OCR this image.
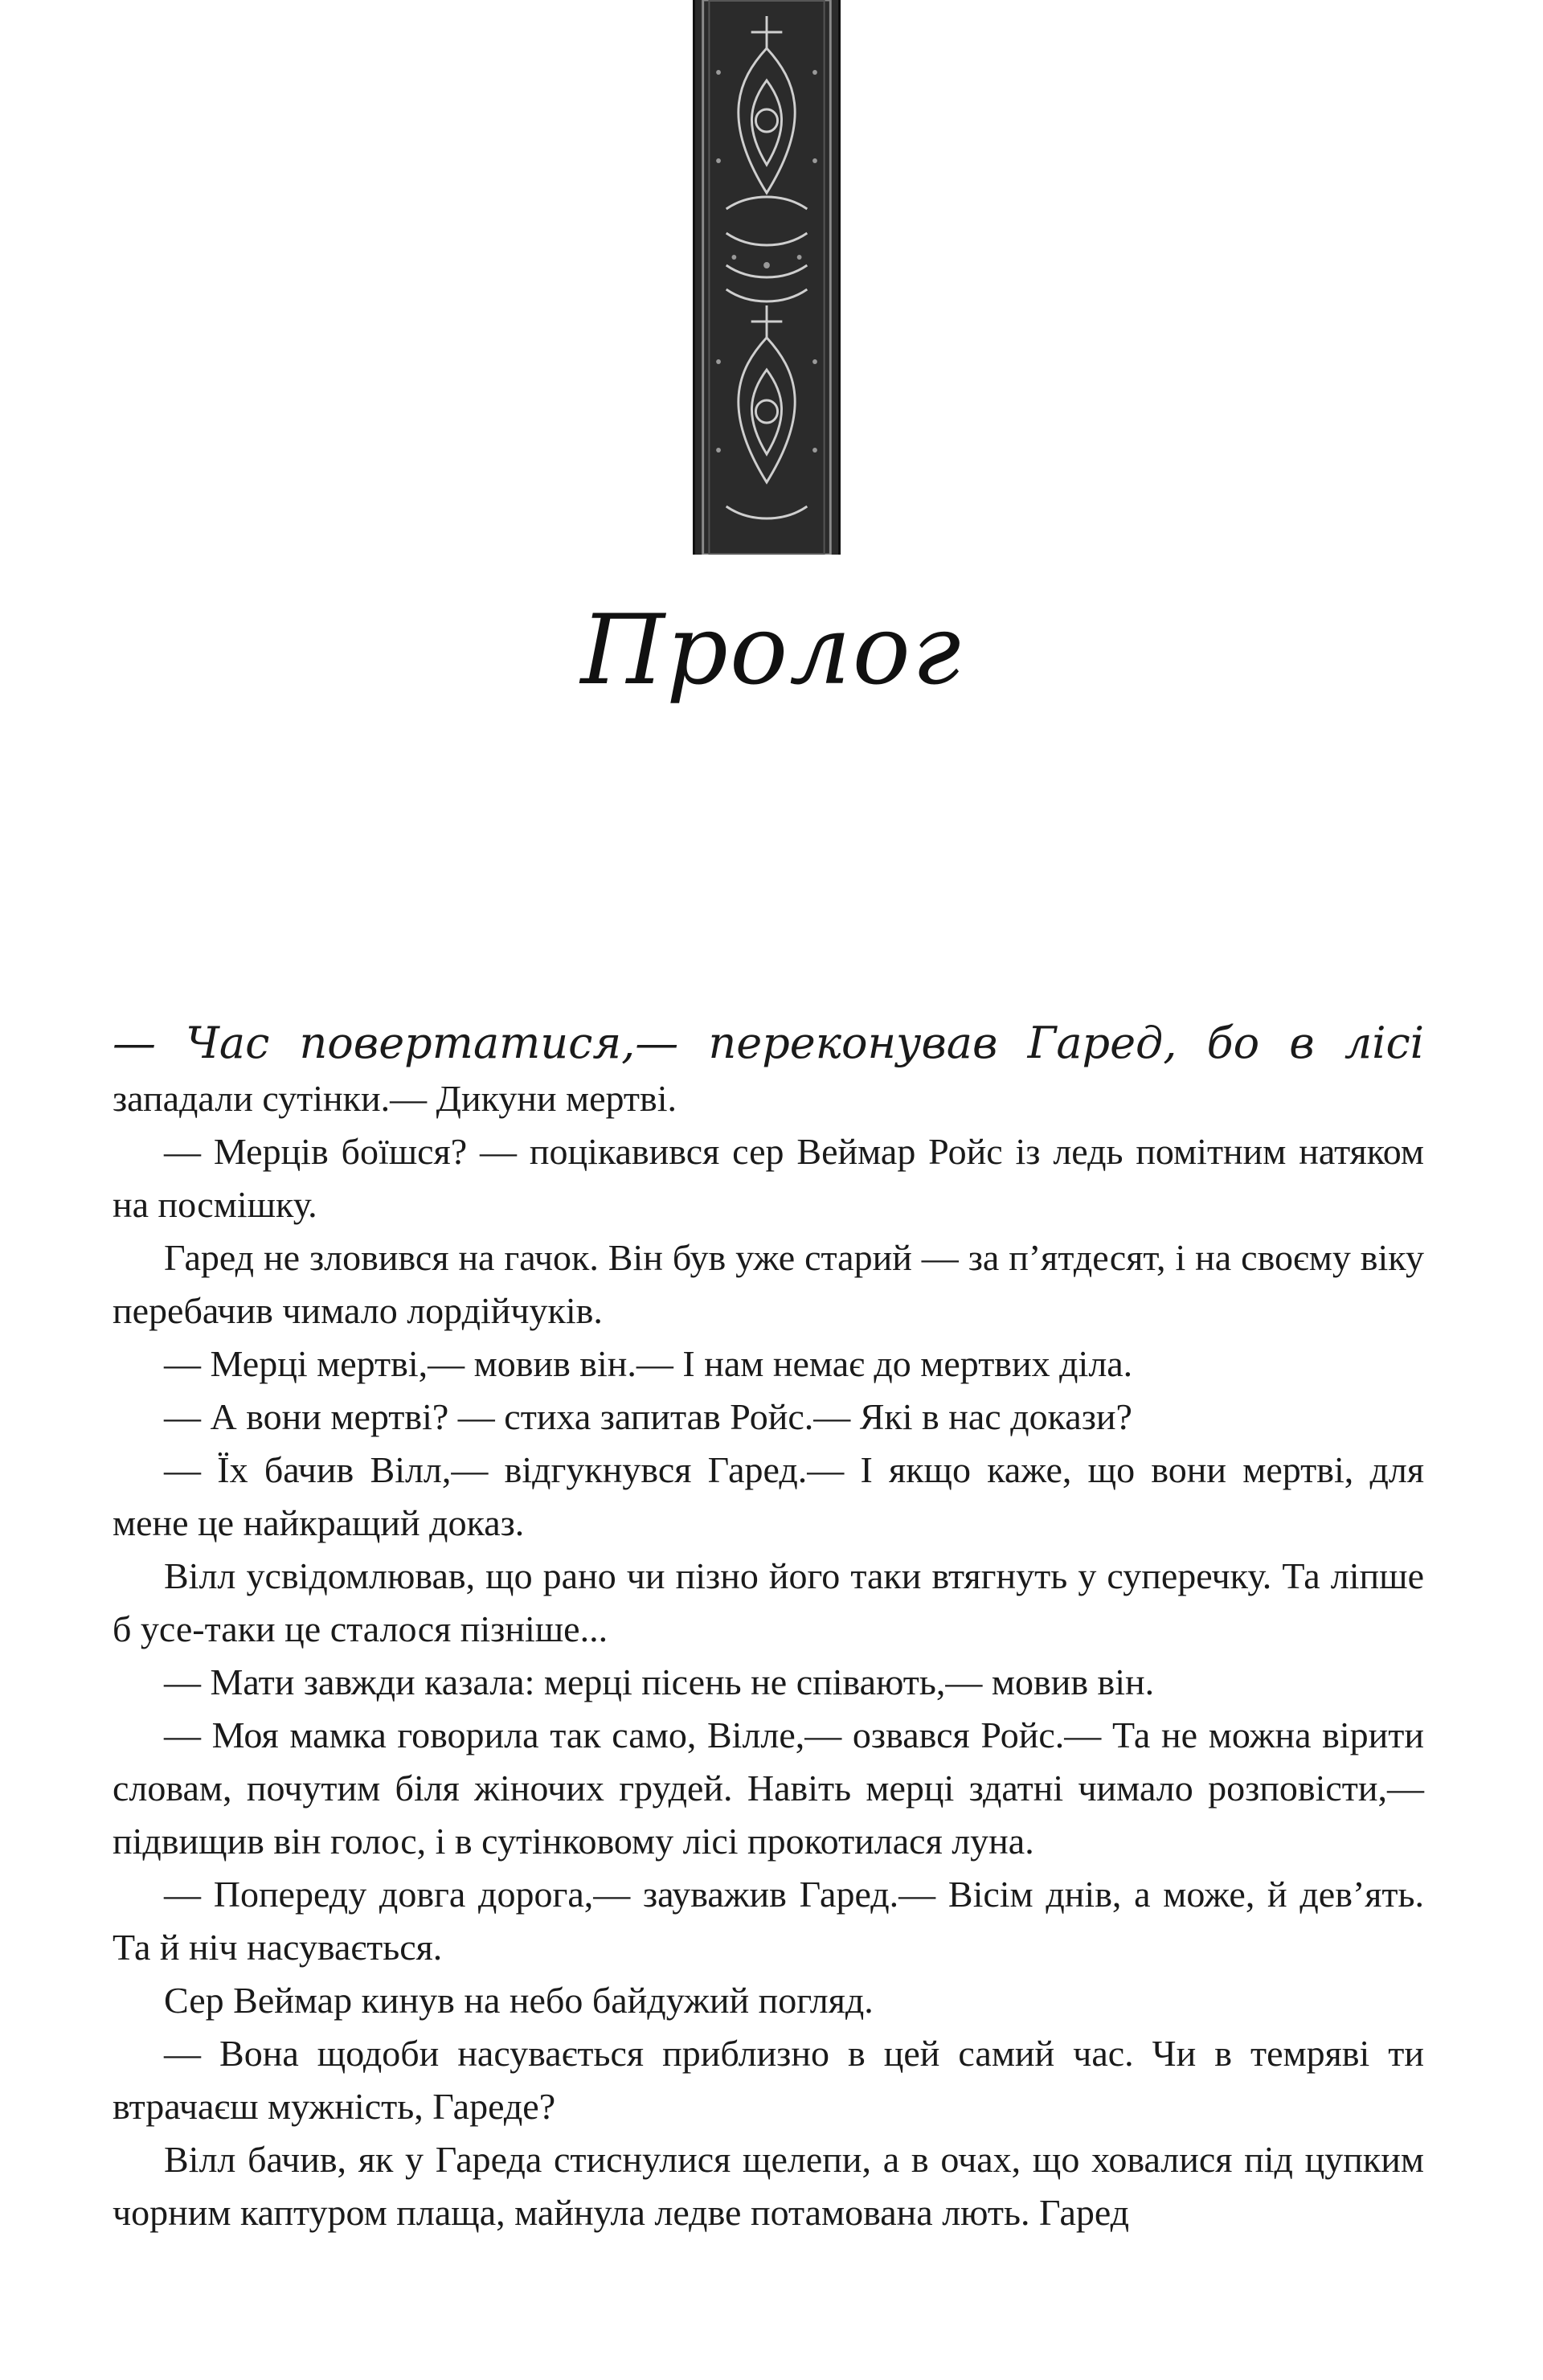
Пролог

— Час повертатися,— переконував Гаред, бо в лісі западали сутінки.— Дикуни мертві.

— Мерців боїшся? — поцікавився сер Веймар Ройс із ледь помітним натяком на посмішку.

Гаред не зловився на гачок. Він був уже старий — за п’ятдесят, і на своєму віку перебачив чимало лордійчуків.

— Мерці мертві,— мовив він.— І нам немає до мертвих діла.

— А вони мертві? — стиха запитав Ройс.— Які в нас докази?

— Їх бачив Вілл,— відгукнувся Гаред.— І якщо каже, що вони мертві, для мене це найкращий доказ.

Вілл усвідомлював, що рано чи пізно його таки втягнуть у суперечку. Та ліпше б усе-таки це сталося пізніше...

— Мати завжди казала: мерці пісень не співають,— мовив він.

— Моя мамка говорила так само, Вілле,— озвався Ройс.— Та не можна вірити словам, почутим біля жіночих грудей. Навіть мерці здатні чимало розповісти,— підвищив він голос, і в сутінковому лісі прокотилася луна.

— Попереду довга дорога,— зауважив Гаред.— Вісім днів, а може, й дев’ять. Та й ніч насувається.

Сер Веймар кинув на небо байдужий погляд.

— Вона щодоби насувається приблизно в цей самий час. Чи в темряві ти втрачаєш мужність, Гареде?

Вілл бачив, як у Гареда стиснулися щелепи, а в очах, що ховалися під цупким чорним каптуром плаща, майнула ледве потамована лють. Гаред
